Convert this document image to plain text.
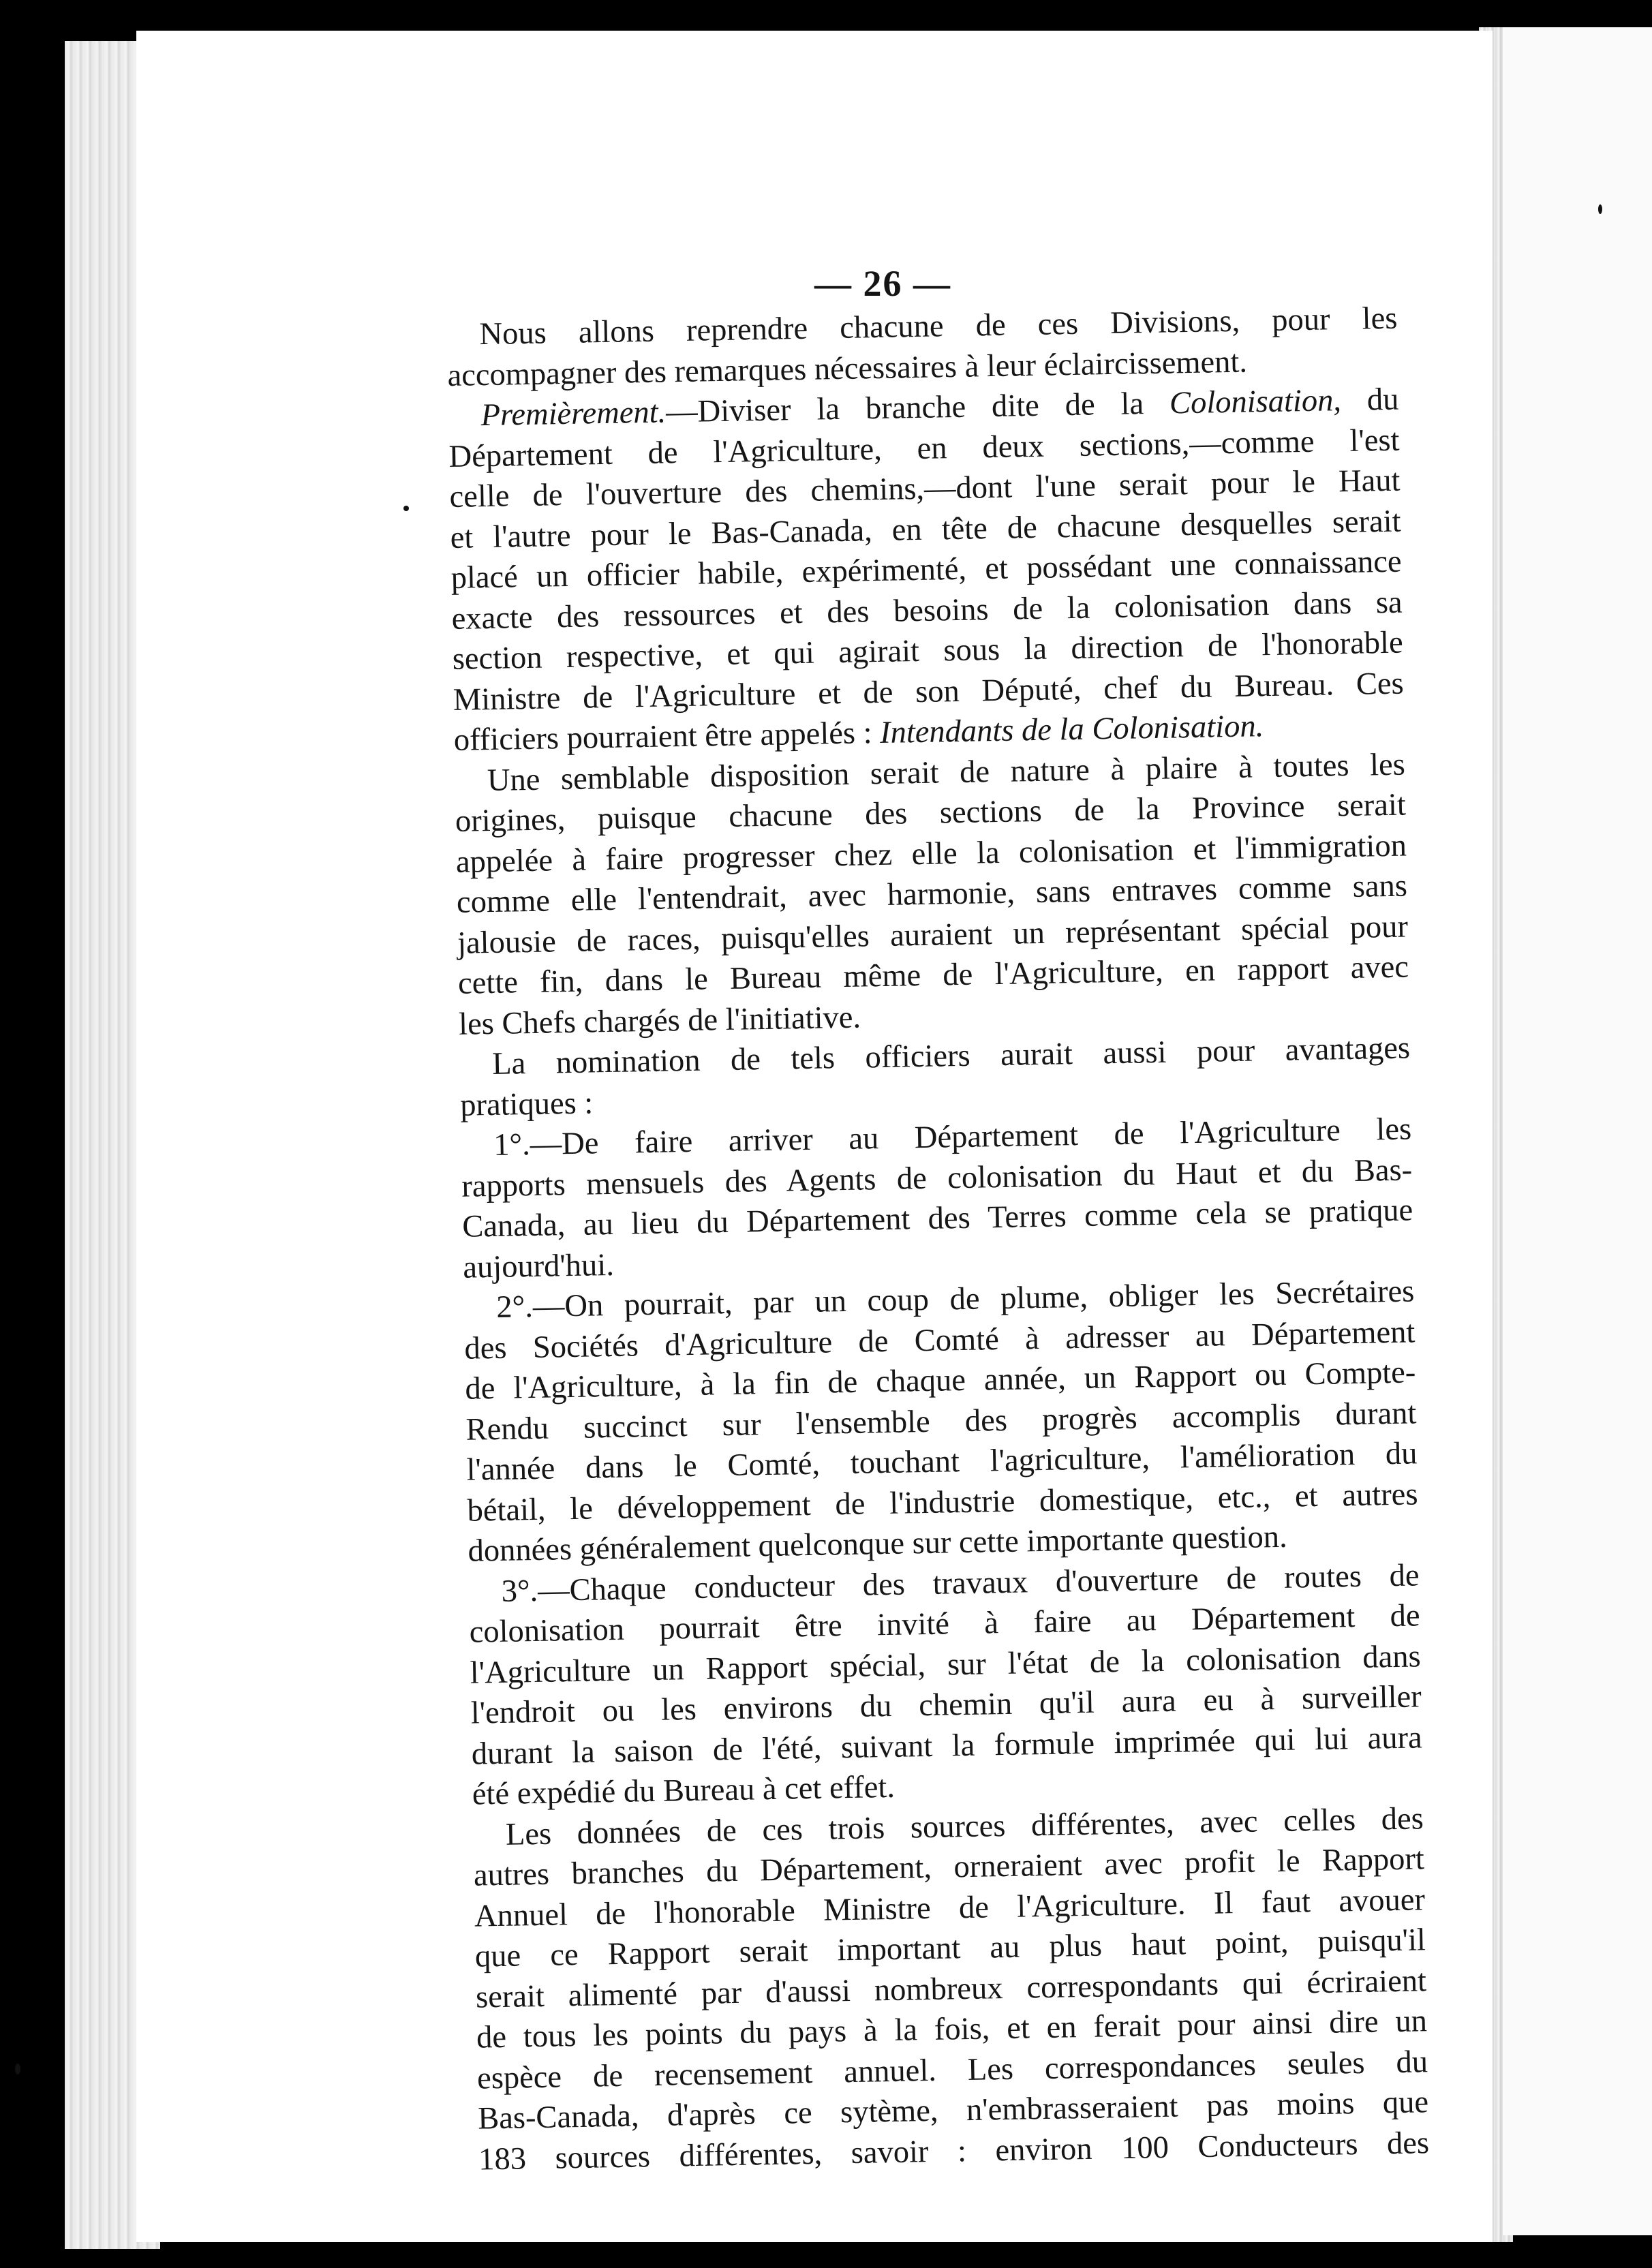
— 26 —
Nous allons reprendre chacune de ces Divisions, pour les
accompagner des remarques nécessaires à leur éclaircissement.
Premièrement.—Diviser la branche dite de la Colonisation, du
Département de l'Agriculture, en deux sections,—comme l'est
celle de l'ouverture des chemins,—dont l'une serait pour le Haut
et l'autre pour le Bas-Canada, en tête de chacune desquelles serait
placé un officier habile, expérimenté, et possédant une connaissance
exacte des ressources et des besoins de la colonisation dans sa
section respective, et qui agirait sous la direction de l'honorable
Ministre de l'Agriculture et de son Député, chef du Bureau. Ces
officiers pourraient être appelés : Intendants de la Colonisation.
Une semblable disposition serait de nature à plaire à toutes les
origines, puisque chacune des sections de la Province serait
appelée à faire progresser chez elle la colonisation et l'immigration
comme elle l'entendrait, avec harmonie, sans entraves comme sans
jalousie de races, puisqu'elles auraient un représentant spécial pour
cette fin, dans le Bureau même de l'Agriculture, en rapport avec
les Chefs chargés de l'initiative.
La nomination de tels officiers aurait aussi pour avantages
pratiques :
1°.—De faire arriver au Département de l'Agriculture les
rapports mensuels des Agents de colonisation du Haut et du Bas-
Canada, au lieu du Département des Terres comme cela se pratique
aujourd'hui.
2°.—On pourrait, par un coup de plume, obliger les Secrétaires
des Sociétés d'Agriculture de Comté à adresser au Département
de l'Agriculture, à la fin de chaque année, un Rapport ou Compte-
Rendu succinct sur l'ensemble des progrès accomplis durant
l'année dans le Comté, touchant l'agriculture, l'amélioration du
bétail, le développement de l'industrie domestique, etc., et autres
données généralement quelconque sur cette importante question.
3°.—Chaque conducteur des travaux d'ouverture de routes de
colonisation pourrait être invité à faire au Département de
l'Agriculture un Rapport spécial, sur l'état de la colonisation dans
l'endroit ou les environs du chemin qu'il aura eu à surveiller
durant la saison de l'été, suivant la formule imprimée qui lui aura
été expédié du Bureau à cet effet.
Les données de ces trois sources différentes, avec celles des
autres branches du Département, orneraient avec profit le Rapport
Annuel de l'honorable Ministre de l'Agriculture. Il faut avouer
que ce Rapport serait important au plus haut point, puisqu'il
serait alimenté par d'aussi nombreux correspondants qui écriraient
de tous les points du pays à la fois, et en ferait pour ainsi dire un
espèce de recensement annuel. Les correspondances seules du
Bas-Canada, d'après ce sytème, n'embrasseraient pas moins que
183 sources différentes, savoir : environ 100 Conducteurs des
